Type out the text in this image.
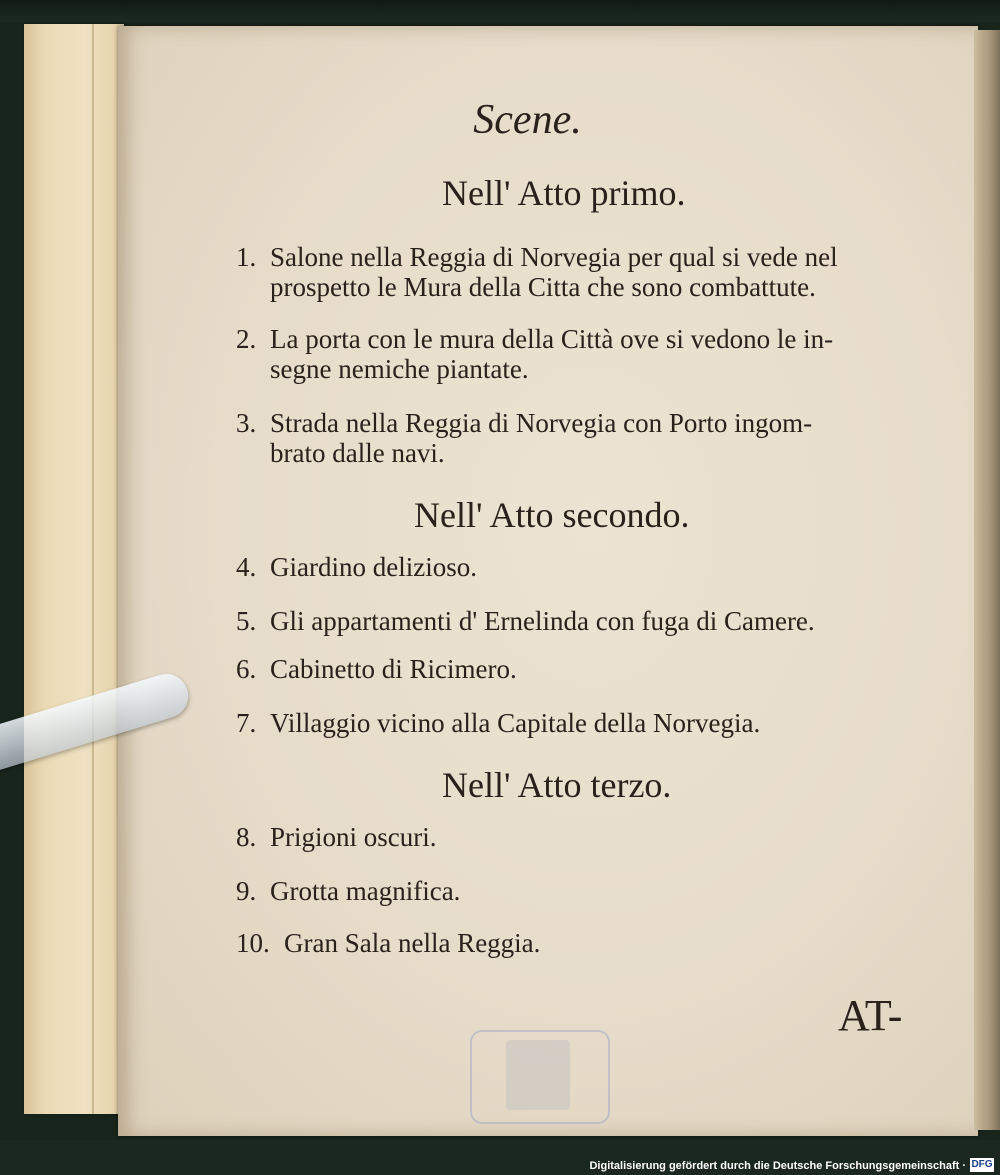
Scene.
Nell' Atto primo.
1. Salone nella Reggia di Norvegia per qual si vede nel
prospetto le Mura della Citta che sono combattute.
2. La porta con le mura della Città ove si vedono le in-
segne nemiche piantate.
3. Strada nella Reggia di Norvegia con Porto ingom-
brato dalle navi.
Nell' Atto secondo.
4. Giardino delizioso.
5. Gli appartamenti d' Ernelinda con fuga di Camere.
6. Cabinetto di Ricimero.
7. Villaggio vicino alla Capitale della Norvegia.
Nell' Atto terzo.
8. Prigioni oscuri.
9. Grotta magnifica.
10. Gran Sala nella Reggia.
AT-
Digitalisierung gefördert durch die Deutsche Forschungsgemeinschaft · DFG
